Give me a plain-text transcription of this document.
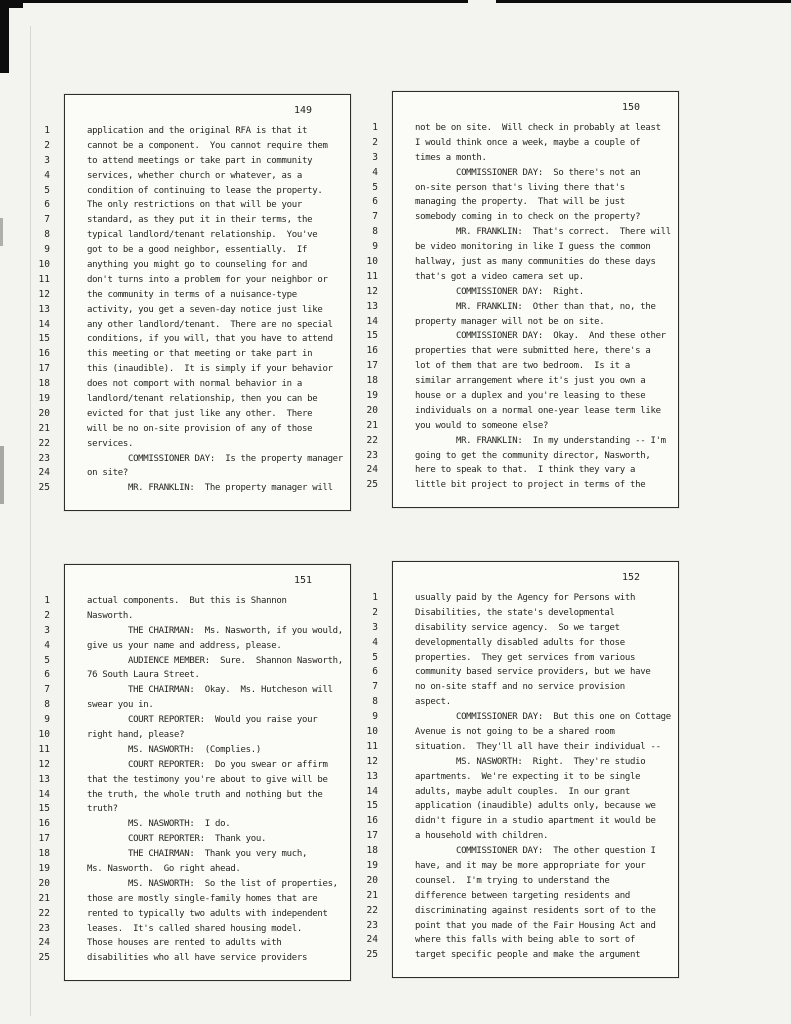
1
2
3
4
5
6
7
8
9
10
11
12
13
14
15
16
17
18
19
20
21
22
23
24
25
149
application and the original RFA is that it
cannot be a component.  You cannot require them
to attend meetings or take part in community
services, whether church or whatever, as a
condition of continuing to lease the property.
The only restrictions on that will be your
standard, as they put it in their terms, the
typical landlord/tenant relationship.  You've
got to be a good neighbor, essentially.  If
anything you might go to counseling for and
don't turns into a problem for your neighbor or
the community in terms of a nuisance-type
activity, you get a seven-day notice just like
any other landlord/tenant.  There are no special
conditions, if you will, that you have to attend
this meeting or that meeting or take part in
this (inaudible).  It is simply if your behavior
does not comport with normal behavior in a
landlord/tenant relationship, then you can be
evicted for that just like any other.  There
will be no on-site provision of any of those
services.
COMMISSIONER DAY:  Is the property manager
on site?
MR. FRANKLIN:  The property manager will
1
2
3
4
5
6
7
8
9
10
11
12
13
14
15
16
17
18
19
20
21
22
23
24
25
150
not be on site.  Will check in probably at least
I would think once a week, maybe a couple of
times a month.
COMMISSIONER DAY:  So there's not an
on-site person that's living there that's
managing the property.  That will be just
somebody coming in to check on the property?
MR. FRANKLIN:  That's correct.  There will
be video monitoring in like I guess the common
hallway, just as many communities do these days
that's got a video camera set up.
COMMISSIONER DAY:  Right.
MR. FRANKLIN:  Other than that, no, the
property manager will not be on site.
COMMISSIONER DAY:  Okay.  And these other
properties that were submitted here, there's a
lot of them that are two bedroom.  Is it a
similar arrangement where it's just you own a
house or a duplex and you're leasing to these
individuals on a normal one-year lease term like
you would to someone else?
MR. FRANKLIN:  In my understanding -- I'm
going to get the community director, Nasworth,
here to speak to that.  I think they vary a
little bit project to project in terms of the
1
2
3
4
5
6
7
8
9
10
11
12
13
14
15
16
17
18
19
20
21
22
23
24
25
151
actual components.  But this is Shannon
Nasworth.
THE CHAIRMAN:  Ms. Nasworth, if you would,
give us your name and address, please.
AUDIENCE MEMBER:  Sure.  Shannon Nasworth,
76 South Laura Street.
THE CHAIRMAN:  Okay.  Ms. Hutcheson will
swear you in.
COURT REPORTER:  Would you raise your
right hand, please?
MS. NASWORTH:  (Complies.)
COURT REPORTER:  Do you swear or affirm
that the testimony you're about to give will be
the truth, the whole truth and nothing but the
truth?
MS. NASWORTH:  I do.
COURT REPORTER:  Thank you.
THE CHAIRMAN:  Thank you very much,
Ms. Nasworth.  Go right ahead.
MS. NASWORTH:  So the list of properties,
those are mostly single-family homes that are
rented to typically two adults with independent
leases.  It's called shared housing model.
Those houses are rented to adults with
disabilities who all have service providers
1
2
3
4
5
6
7
8
9
10
11
12
13
14
15
16
17
18
19
20
21
22
23
24
25
152
usually paid by the Agency for Persons with
Disabilities, the state's developmental
disability service agency.  So we target
developmentally disabled adults for those
properties.  They get services from various
community based service providers, but we have
no on-site staff and no service provision
aspect.
COMMISSIONER DAY:  But this one on Cottage
Avenue is not going to be a shared room
situation.  They'll all have their individual --
MS. NASWORTH:  Right.  They're studio
apartments.  We're expecting it to be single
adults, maybe adult couples.  In our grant
application (inaudible) adults only, because we
didn't figure in a studio apartment it would be
a household with children.
COMMISSIONER DAY:  The other question I
have, and it may be more appropriate for your
counsel.  I'm trying to understand the
difference between targeting residents and
discriminating against residents sort of to the
point that you made of the Fair Housing Act and
where this falls with being able to sort of
target specific people and make the argument
